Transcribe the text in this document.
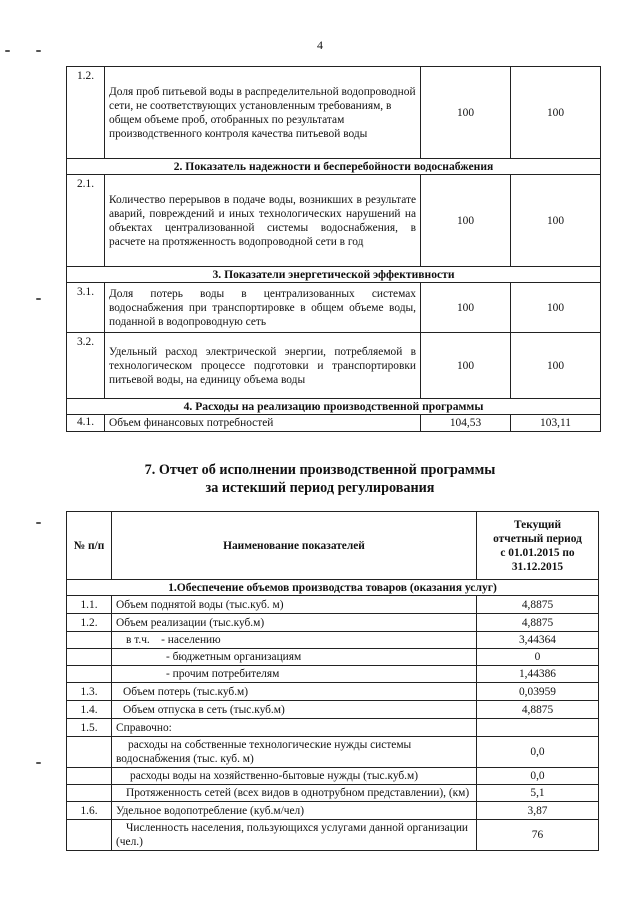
4
1.2.	Доля проб питьевой воды в распределительной водопроводной сети, не соответствующих установленным требованиям, в общем объеме проб, отобранных по результатам производственного контроля качества питьевой воды	100	100
2. Показатель надежности и бесперебойности водоснабжения			
2.1.	Количество перерывов в подаче воды, возникших в результате аварий, повреждений и иных технологических нарушений на объектах централизованной системы водоснабжения, в расчете на протяженность водопроводной сети в год	100	100
3. Показатели энергетической эффективности			
3.1.	Доля потерь воды в централизованных системах водоснабжения при транспортировке в общем объеме воды, поданной в водопроводную сеть	100	100
3.2.	Удельный расход электрической энергии, потребляемой в технологическом процессе подготовки и транспортировки питьевой воды, на единицу объема воды	100	100
4. Расходы на реализацию производственной программы			
4.1.	Объем финансовых потребностей	104,53	103,11
7. Отчет об исполнении производственной программы
за истекший период регулирования
№ п/п	Наименование показателей	Текущий отчетный период с 01.01.2015 по 31.12.2015
1.Обеспечение объемов производства товаров (оказания услуг)		
1.1.	Объем поднятой воды (тыс.куб. м)	4,8875
1.2.	Объем реализации (тыс.куб.м)	4,8875
	в т.ч.    - населению	3,44364
	- бюджетным организациям	0
	- прочим потребителям	1,44386
1.3.	Объем потерь (тыс.куб.м)	0,03959
1.4.	Объем отпуска в сеть (тыс.куб.м)	4,8875
1.5.	Справочно:	
	расходы на собственные технологические нужды системы водоснабжения (тыс. куб. м)	0,0
	расходы воды на хозяйственно-бытовые нужды (тыс.куб.м)	0,0
	Протяженность сетей (всех видов в однотрубном представлении), (км)	5,1
1.6.	Удельное водопотребление (куб.м/чел)	3,87
	Численность населения, пользующихся услугами данной организации (чел.)	76
